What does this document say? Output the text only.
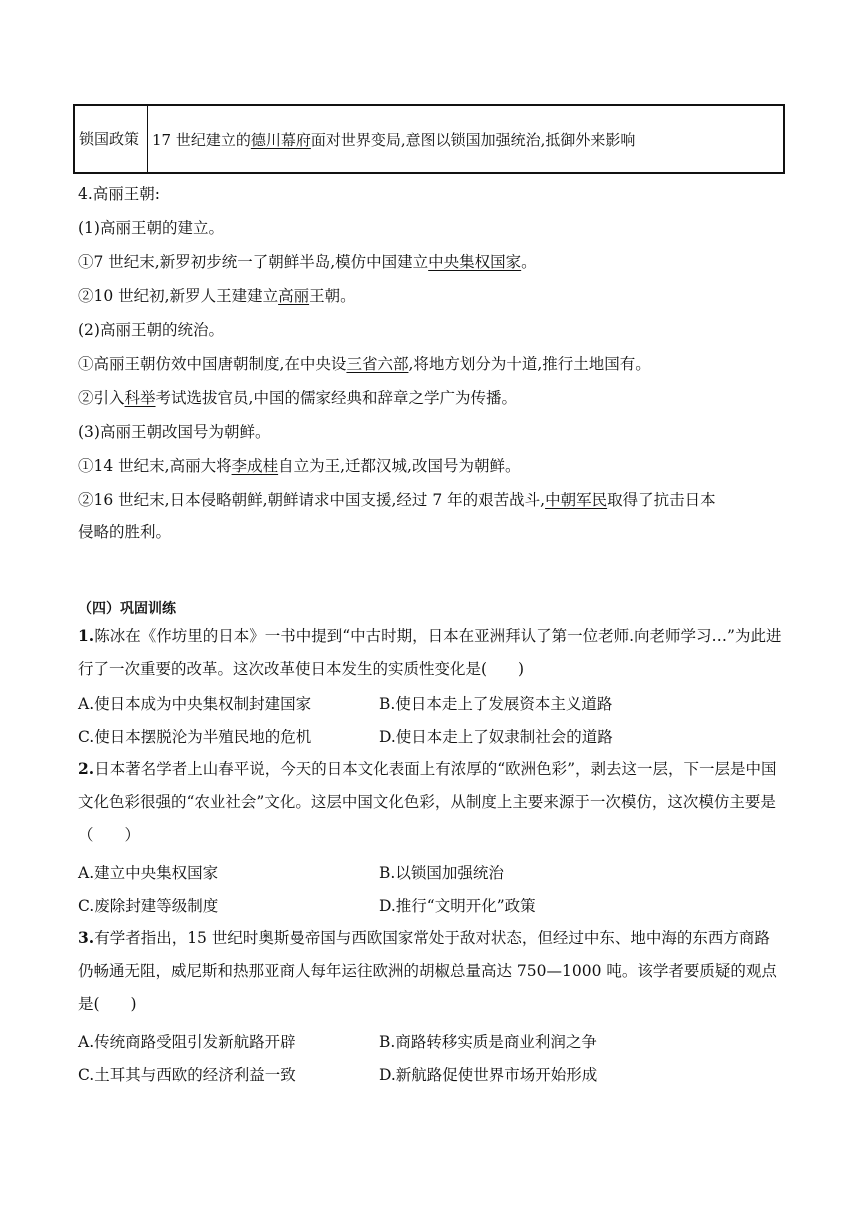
锁国政策	17 世纪建立的德川幕府面对世界变局,意图以锁国加强统治,抵御外来影响
4.高丽王朝:
(1)高丽王朝的建立。
①7 世纪末,新罗初步统一了朝鲜半岛,模仿中国建立中央集权国家。
②10 世纪初,新罗人王建建立高丽王朝。
(2)高丽王朝的统治。
①高丽王朝仿效中国唐朝制度,在中央设三省六部,将地方划分为十道,推行土地国有。
②引入科举考试选拔官员,中国的儒家经典和辞章之学广为传播。
(3)高丽王朝改国号为朝鲜。
①14 世纪末,高丽大将李成桂自立为王,迁都汉城,改国号为朝鲜。
②16 世纪末,日本侵略朝鲜,朝鲜请求中国支援,经过 7 年的艰苦战斗,中朝军民取得了抗击日本
侵略的胜利。
（四）巩固训练
1.陈冰在《作坊里的日本》一书中提到“中古时期，日本在亚洲拜认了第一位老师.向老师学习…”为此进行了一次重要的改革。这次改革使日本发生的实质性变化是(　　)
A.使日本成为中央集权制封建国家	B.使日本走上了发展资本主义道路
C.使日本摆脱沦为半殖民地的危机	D.使日本走上了奴隶制社会的道路
2.日本著名学者上山春平说，今天的日本文化表面上有浓厚的“欧洲色彩”，剥去这一层，下一层是中国文化色彩很强的“农业社会”文化。这层中国文化色彩，从制度上主要来源于一次模仿，这次模仿主要是（　　）
A.建立中央集权国家	B.以锁国加强统治
C.废除封建等级制度	D.推行“文明开化”政策
3.有学者指出，15 世纪时奥斯曼帝国与西欧国家常处于敌对状态，但经过中东、地中海的东西方商路仍畅通无阻，威尼斯和热那亚商人每年运往欧洲的胡椒总量高达 750—1000 吨。该学者要质疑的观点是(　　)
A.传统商路受阻引发新航路开辟	B.商路转移实质是商业利润之争
C.土耳其与西欧的经济利益一致	D.新航路促使世界市场开始形成
